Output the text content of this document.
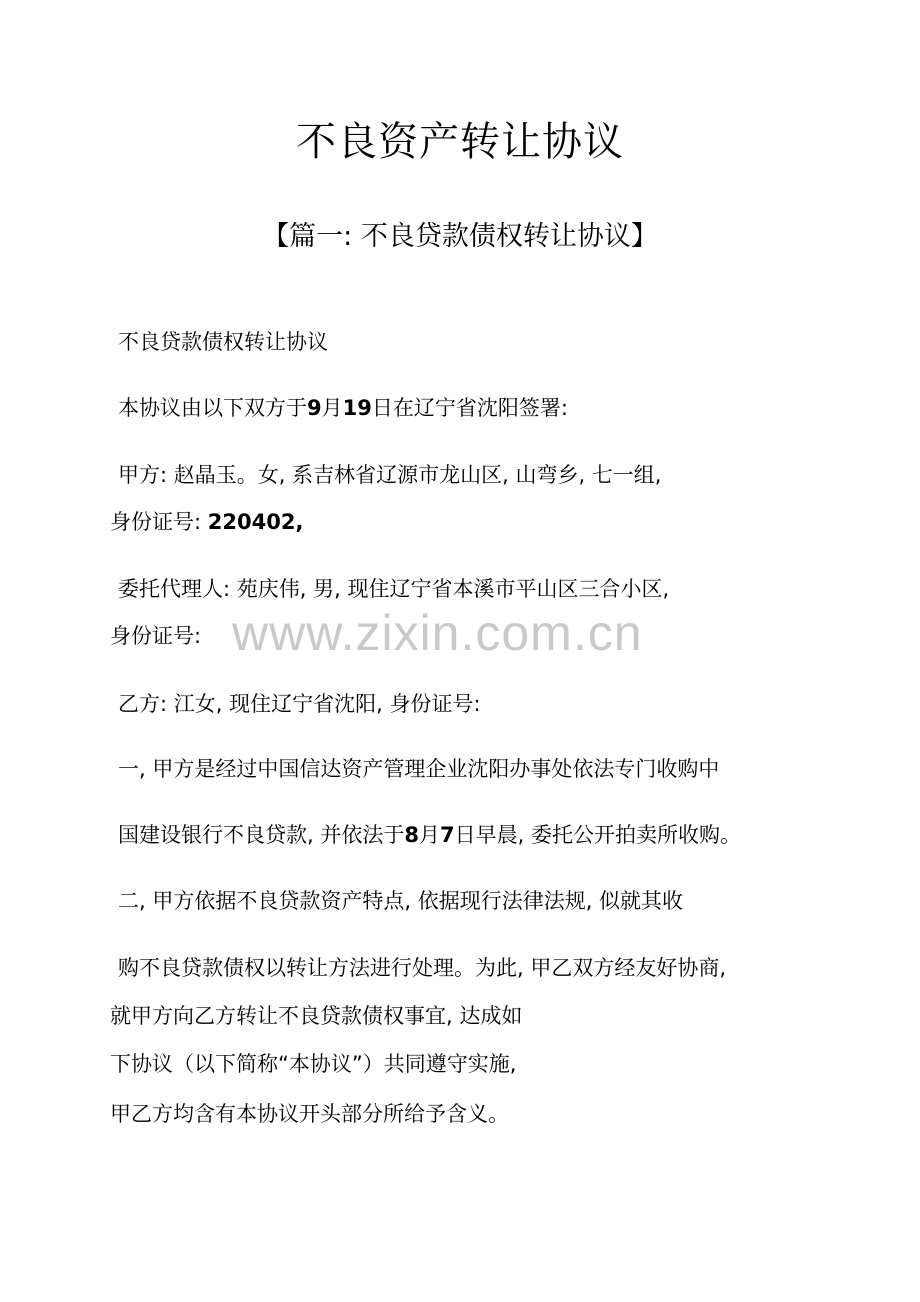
不良资产转让协议
【篇一: 不良贷款债权转让协议】
不良贷款债权转让协议
本协议由以下双方于9月19日在辽宁省沈阳签署:
甲方: 赵晶玉。女, 系吉林省辽源市龙山区, 山弯乡, 七一组,
身份证号: 220402,
委托代理人: 苑庆伟, 男, 现住辽宁省本溪市平山区三合小区,
身份证号:
乙方: 江女, 现住辽宁省沈阳, 身份证号:
一, 甲方是经过中国信达资产管理企业沈阳办事处依法专门收购中
国建设银行不良贷款, 并依法于8月7日早晨, 委托公开拍卖所收购。
二, 甲方依据不良贷款资产特点, 依据现行法律法规, 似就其收
购不良贷款债权以转让方法进行处理。为此, 甲乙双方经友好协商,
就甲方向乙方转让不良贷款债权事宜, 达成如
下协议（以下简称“本协议”）共同遵守实施,
甲乙方均含有本协议开头部分所给予含义。
www.zixin.com.cn
